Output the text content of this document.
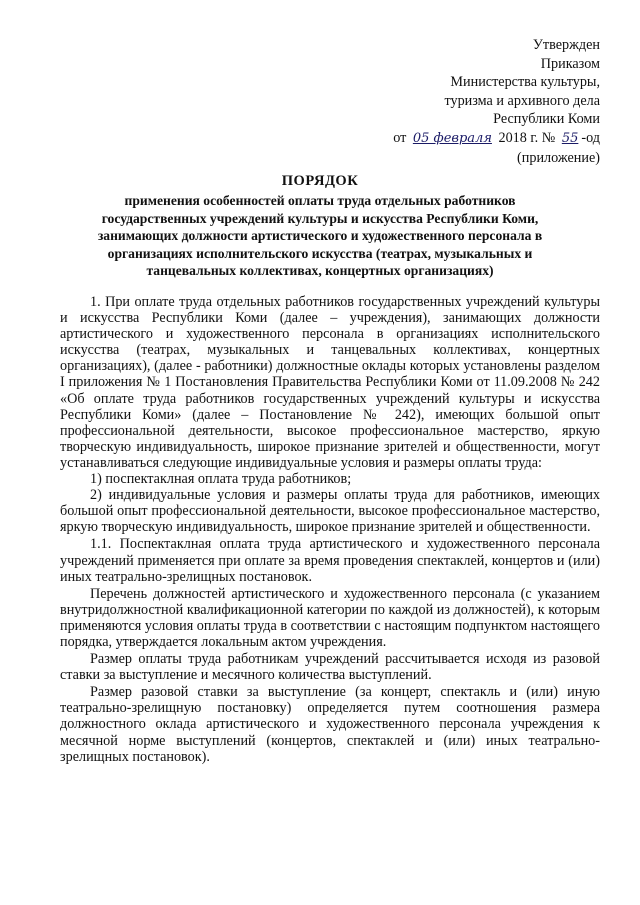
Утвержден
Приказом
Министерства культуры,
туризма и архивного дела
Республики Коми
от 05 февраля 2018 г. № 55 -од
(приложение)
ПОРЯДОК
применения особенностей оплаты труда отдельных работников государственных учреждений культуры и искусства Республики Коми, занимающих должности артистического и художественного персонала в организациях исполнительского искусства (театрах, музыкальных и танцевальных коллективах, концертных организациях)

1. При оплате труда отдельных работников государственных учреждений культуры и искусства Республики Коми (далее – учреждения), занимающих должности артистического и художественного персонала в организациях исполнительского искусства (театрах, музыкальных и танцевальных коллективах, концертных организациях), (далее - работники) должностные оклады которых установлены разделом I приложения № 1 Постановления Правительства Республики Коми от 11.09.2008 № 242 «Об оплате труда работников государственных учреждений культуры и искусства Республики Коми» (далее – Постановление № 242), имеющих большой опыт профессиональной деятельности, высокое профессиональное мастерство, яркую творческую индивидуальность, широкое признание зрителей и общественности, могут устанавливаться следующие индивидуальные условия и размеры оплаты труда:

1) поспектаклная оплата труда работников;

2) индивидуальные условия и размеры оплаты труда для работников, имеющих большой опыт профессиональной деятельности, высокое профессиональное мастерство, яркую творческую индивидуальность, широкое признание зрителей и общественности.

1.1. Поспектаклная оплата труда артистического и художественного персонала учреждений применяется при оплате за время проведения спектаклей, концертов и (или) иных театрально-зрелищных постановок.

Перечень должностей артистического и художественного персонала (с указанием внутридолжностной квалификационной категории по каждой из должностей), к которым применяются условия оплаты труда в соответствии с настоящим подпунктом настоящего порядка, утверждается локальным актом учреждения.

Размер оплаты труда работникам учреждений рассчитывается исходя из разовой ставки за выступление и месячного количества выступлений.

Размер разовой ставки за выступление (за концерт, спектакль и (или) иную театрально-зрелищную постановку) определяется путем соотношения размера должностного оклада артистического и художественного персонала учреждения к месячной норме выступлений (концертов, спектаклей и (или) иных театрально-зрелищных постановок).
